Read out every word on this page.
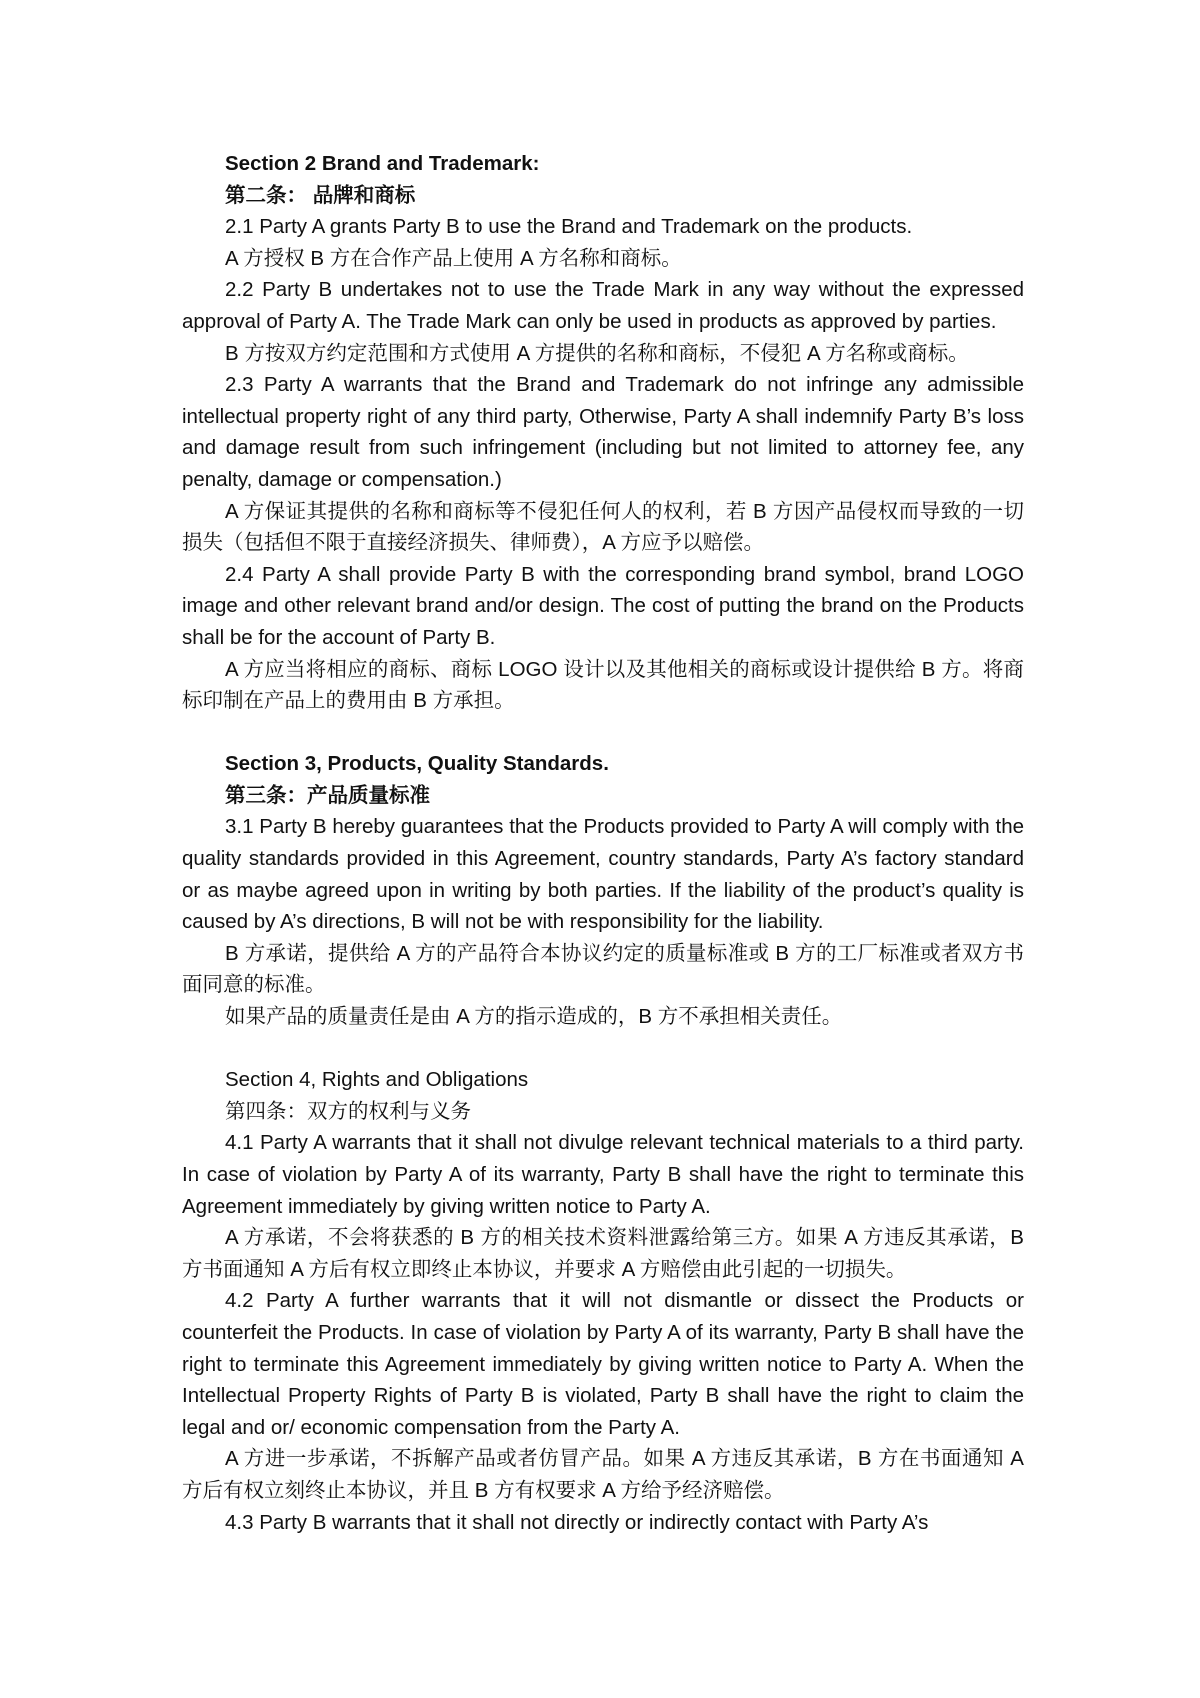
Section 2 Brand and Trademark:

第二条： 品牌和商标

2.1 Party A grants Party B to use the Brand and Trademark on the products.

A 方授权 B 方在合作产品上使用 A 方名称和商标。

2.2 Party B undertakes not to use the Trade Mark in any way without the expressed approval of Party A. The Trade Mark can only be used in products as approved by parties.

B 方按双方约定范围和方式使用 A 方提供的名称和商标，不侵犯 A 方名称或商标。

2.3 Party A warrants that the Brand and Trademark do not infringe any admissible intellectual property right of any third party, Otherwise, Party A shall indemnify Party B’s loss and damage result from such infringement (including but not limited to attorney fee, any penalty, damage or compensation.)

A 方保证其提供的名称和商标等不侵犯任何人的权利，若 B 方因产品侵权而导致的一切损失（包括但不限于直接经济损失、律师费），A 方应予以赔偿。

2.4 Party A shall provide Party B with the corresponding brand symbol, brand LOGO image and other relevant brand and/or design. The cost of putting the brand on the Products shall be for the account of Party B.

A 方应当将相应的商标、商标 LOGO 设计以及其他相关的商标或设计提供给 B 方。将商标印制在产品上的费用由 B 方承担。

Section 3, Products, Quality Standards.

第三条：产品质量标准

3.1 Party B hereby guarantees that the Products provided to Party A will comply with the quality standards provided in this Agreement, country standards, Party A’s factory standard or as maybe agreed upon in writing by both parties. If the liability of the product’s quality is caused by A’s directions, B will not be with responsibility for the liability.

B 方承诺，提供给 A 方的产品符合本协议约定的质量标准或 B 方的工厂标准或者双方书面同意的标准。

如果产品的质量责任是由 A 方的指示造成的，B 方不承担相关责任。

Section 4, Rights and Obligations

第四条：双方的权利与义务

4.1 Party A warrants that it shall not divulge relevant technical materials to a third party. In case of violation by Party A of its warranty, Party B shall have the right to terminate this Agreement immediately by giving written notice to Party A.

A 方承诺，不会将获悉的 B 方的相关技术资料泄露给第三方。如果 A 方违反其承诺，B 方书面通知 A 方后有权立即终止本协议，并要求 A 方赔偿由此引起的一切损失。

4.2 Party A further warrants that it will not dismantle or dissect the Products or counterfeit the Products. In case of violation by Party A of its warranty, Party B shall have the right to terminate this Agreement immediately by giving written notice to Party A. When the Intellectual Property Rights of Party B is violated, Party B shall have the right to claim the legal and or/ economic compensation from the Party A.

A 方进一步承诺，不拆解产品或者仿冒产品。如果 A 方违反其承诺，B 方在书面通知 A 方后有权立刻终止本协议，并且 B 方有权要求 A 方给予经济赔偿。

4.3 Party B warrants that it shall not directly or indirectly contact with Party A’s
